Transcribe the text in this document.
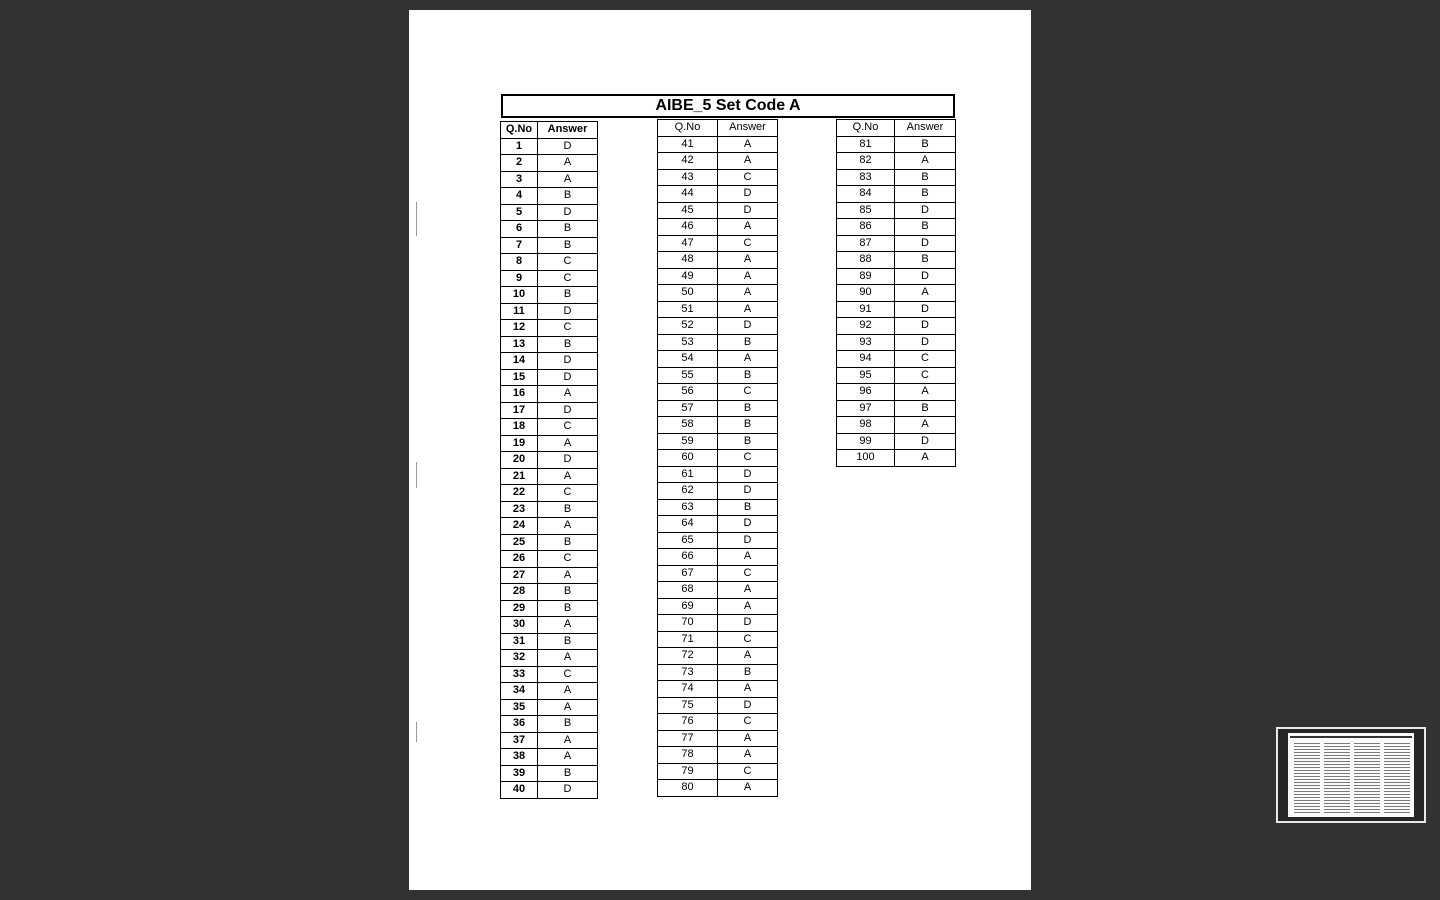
AIBE_5 Set Code A
Q.No	Answer
1	D
2	A
3	A
4	B
5	D
6	B
7	B
8	C
9	C
10	B
11	D
12	C
13	B
14	D
15	D
16	A
17	D
18	C
19	A
20	D
21	A
22	C
23	B
24	A
25	B
26	C
27	A
28	B
29	B
30	A
31	B
32	A
33	C
34	A
35	A
36	B
37	A
38	A
39	B
40	D
Q.No	Answer
41	A
42	A
43	C
44	D
45	D
46	A
47	C
48	A
49	A
50	A
51	A
52	D
53	B
54	A
55	B
56	C
57	B
58	B
59	B
60	C
61	D
62	D
63	B
64	D
65	D
66	A
67	C
68	A
69	A
70	D
71	C
72	A
73	B
74	A
75	D
76	C
77	A
78	A
79	C
80	A
Q.No	Answer
81	B
82	A
83	B
84	B
85	D
86	B
87	D
88	B
89	D
90	A
91	D
92	D
93	D
94	C
95	C
96	A
97	B
98	A
99	D
100	A
